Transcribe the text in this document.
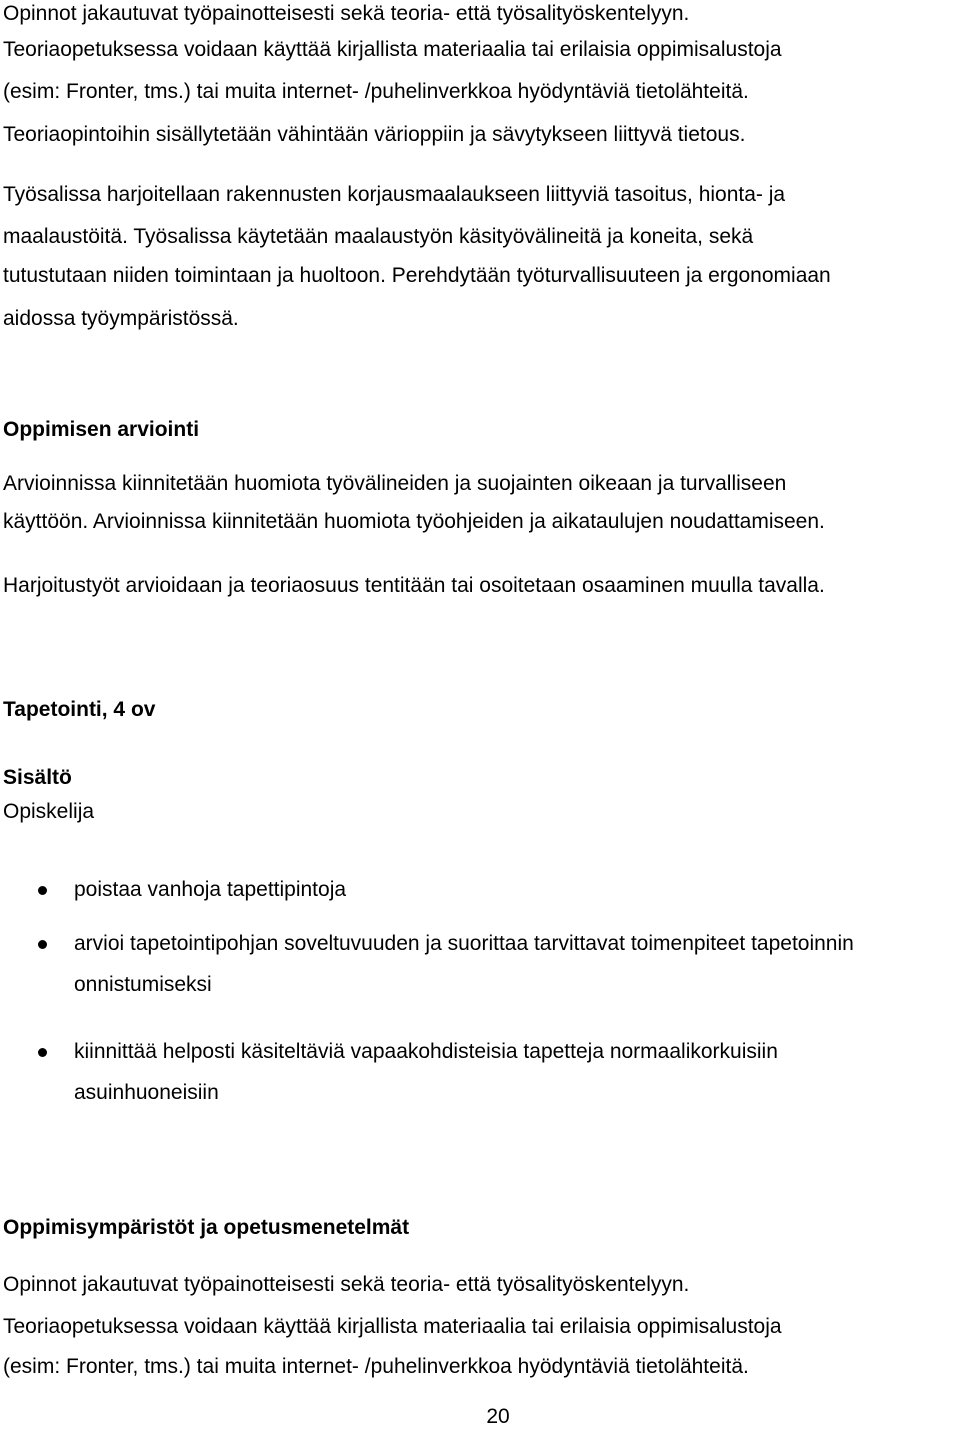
Opinnot jakautuvat työpainotteisesti sekä teoria- että työsalityöskentelyyn.
Teoriaopetuksessa voidaan käyttää kirjallista materiaalia tai erilaisia oppimisalustoja
(esim: Fronter, tms.) tai muita internet- /puhelinverkkoa hyödyntäviä tietolähteitä.
Teoriaopintoihin sisällytetään vähintään värioppiin ja sävytykseen liittyvä tietous.
Työsalissa harjoitellaan rakennusten korjausmaalaukseen liittyviä tasoitus, hionta- ja
maalaustöitä. Työsalissa käytetään maalaustyön käsityövälineitä ja koneita, sekä
tutustutaan niiden toimintaan ja huoltoon. Perehdytään työturvallisuuteen ja ergonomiaan
aidossa työympäristössä.
Oppimisen arviointi
Arvioinnissa kiinnitetään huomiota työvälineiden ja suojainten oikeaan ja turvalliseen
käyttöön. Arvioinnissa kiinnitetään huomiota työohjeiden ja aikataulujen noudattamiseen.
Harjoitustyöt arvioidaan ja teoriaosuus tentitään tai osoitetaan osaaminen muulla tavalla.
Tapetointi, 4 ov
Sisältö
Opiskelija
poistaa vanhoja tapettipintoja
arvioi tapetointipohjan soveltuvuuden ja suorittaa tarvittavat toimenpiteet tapetoinnin
onnistumiseksi
kiinnittää helposti käsiteltäviä vapaakohdisteisia tapetteja normaalikorkuisiin
asuinhuoneisiin
Oppimisympäristöt ja opetusmenetelmät
Opinnot jakautuvat työpainotteisesti sekä teoria- että työsalityöskentelyyn.
Teoriaopetuksessa voidaan käyttää kirjallista materiaalia tai erilaisia oppimisalustoja
(esim: Fronter, tms.) tai muita internet- /puhelinverkkoa hyödyntäviä tietolähteitä.
20
